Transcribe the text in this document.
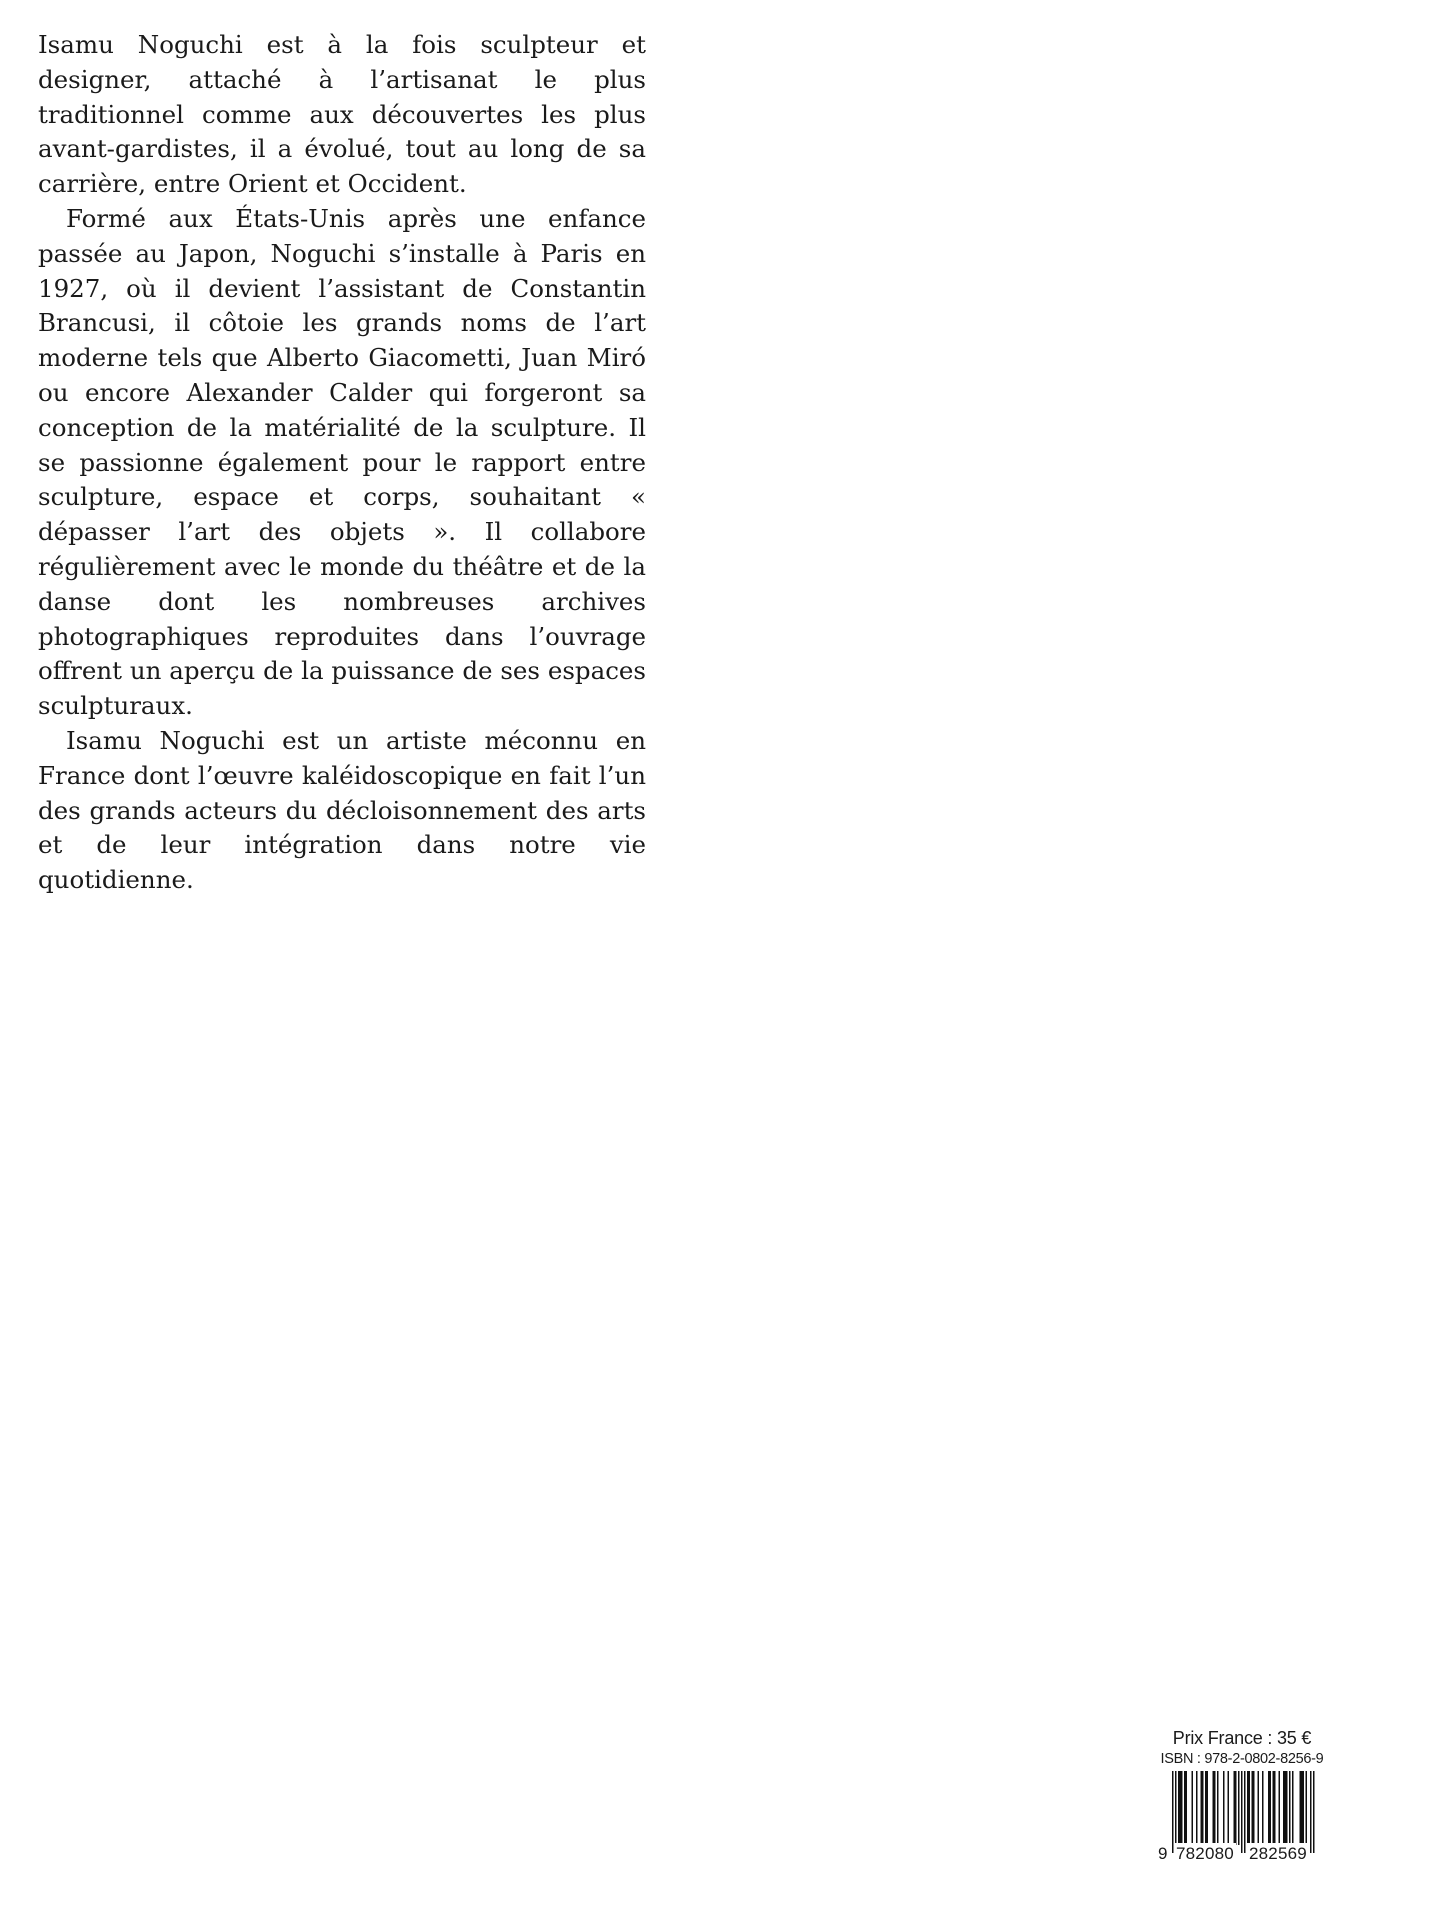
Isamu Noguchi est à la fois sculpteur et designer, attaché à l’artisanat le plus traditionnel comme aux découvertes les plus avant-gardistes, il a évolué, tout au long de sa carrière, entre Orient et Occident.

Formé aux États-Unis après une enfance passée au Japon, Noguchi s’installe à Paris en 1927, où il devient l’assistant de Constantin Brancusi, il côtoie les grands noms de l’art moderne tels que Alberto Giacometti, Juan Miró ou encore Alexander Calder qui forgeront sa conception de la matérialité de la sculpture. Il se passionne également pour le rapport entre sculpture, espace et corps, souhaitant « dépasser l’art des objets ». Il collabore régulièrement avec le monde du théâtre et de la danse dont les nombreuses archives photographiques reproduites dans l’ouvrage offrent un aperçu de la puissance de ses espaces sculpturaux.

Isamu Noguchi est un artiste méconnu en France dont l’œuvre kaléidoscopique en fait l’un des grands acteurs du décloisonnement des arts et de leur intégration dans notre vie quotidienne.

Prix France : 35 €
ISBN : 978-2-0802-8256-9
9 782080 282569
